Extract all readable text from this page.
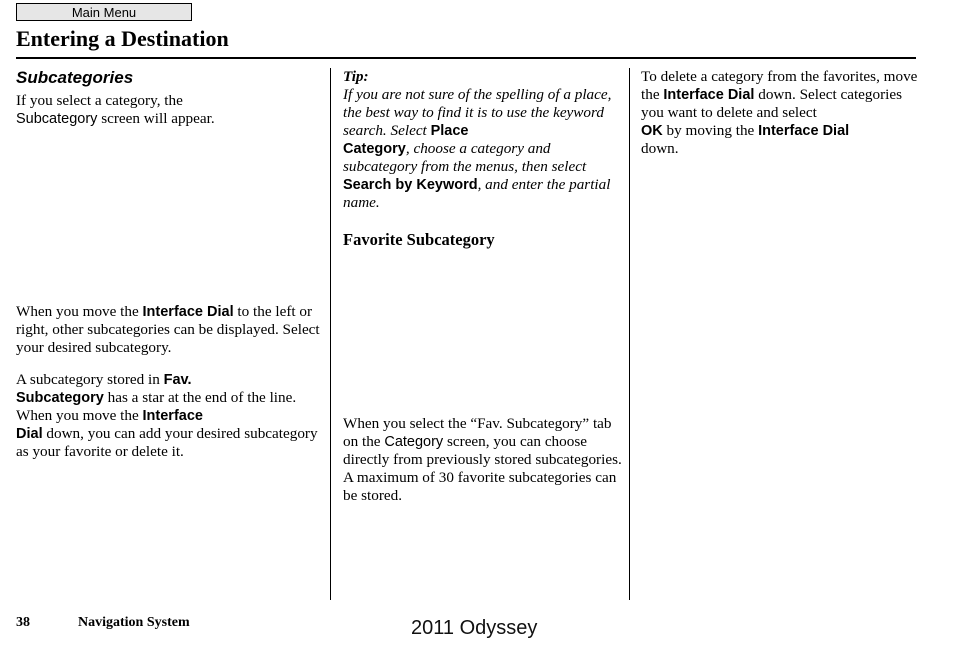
Main Menu
Entering a Destination
Subcategories

If you select a category, the
Subcategory screen will appear.

When you move the Interface Dial to the left or right, other subcategories can be displayed. Select your desired subcategory.

A subcategory stored in Fav.
Subcategory has a star at the end of the line. When you move the Interface
Dial down, you can add your desired subcategory as your favorite or delete it.

Tip:

If you are not sure of the spelling of a place, the best way to find it is to use the keyword search. Select Place
Category, choose a category and subcategory from the menus, then select
Search by Keyword, and enter the partial name.

Favorite Subcategory

When you select the “Fav. Subcategory” tab on the Category screen, you can choose directly from previously stored subcategories. A maximum of 30 favorite subcategories can be stored.

To delete a category from the favorites, move the Interface Dial down. Select categories you want to delete and select
OK by moving the Interface Dial
down.

38	Navigation System	2011 Odyssey
